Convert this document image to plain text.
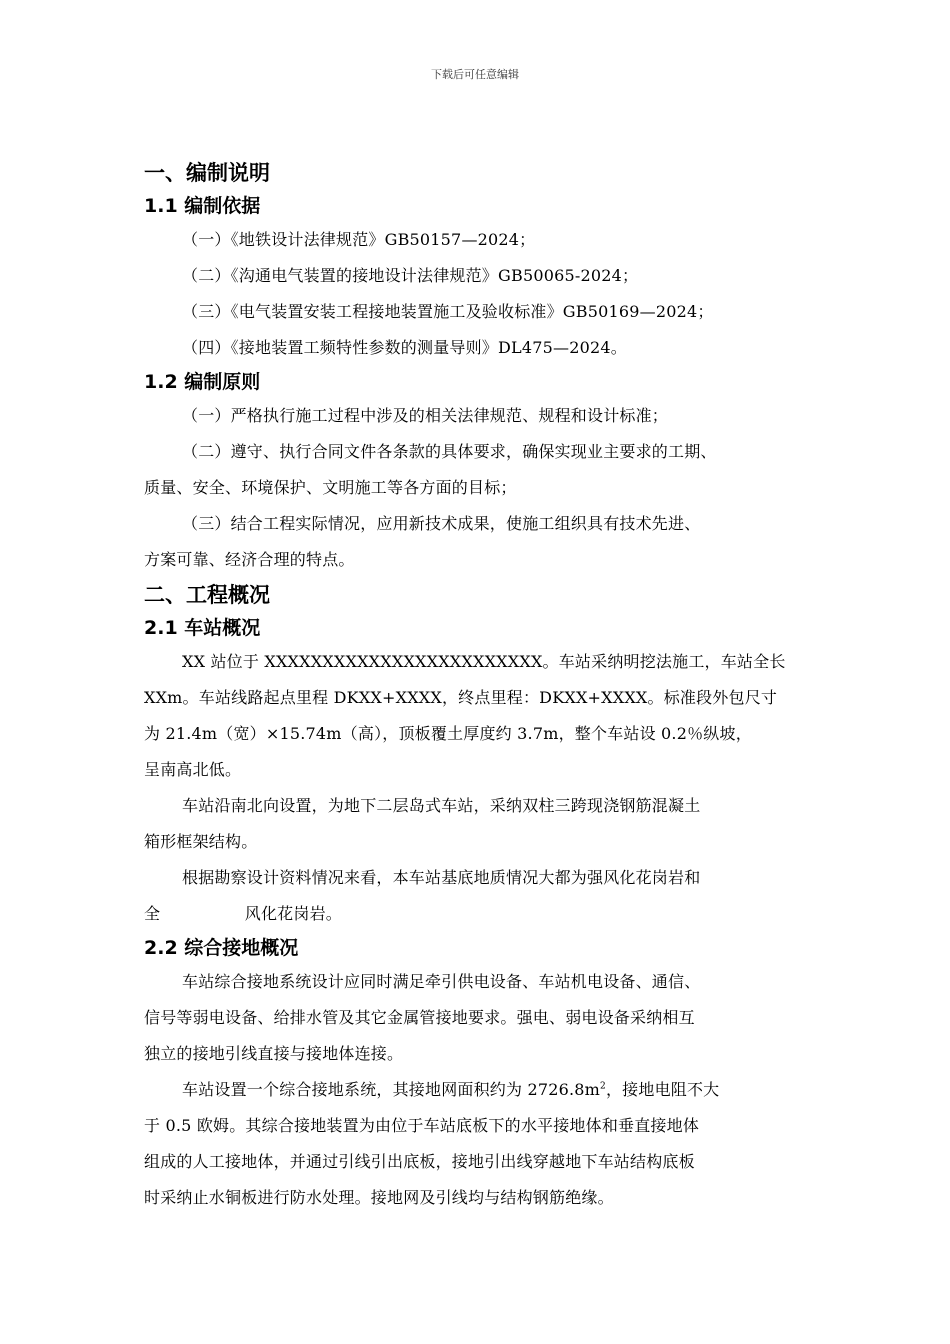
下载后可任意编辑
一、编制说明
1.1 编制依据
（一）《地铁设计法律规范》GB50157—2024；
（二）《沟通电气装置的接地设计法律规范》GB50065-2024；
（三）《电气装置安装工程接地装置施工及验收标准》GB50169—2024；
（四）《接地装置工频特性参数的测量导则》DL475—2024。
1.2 编制原则
（一）严格执行施工过程中涉及的相关法律规范、规程和设计标准；
（二）遵守、执行合同文件各条款的具体要求，确保实现业主要求的工期、
质量、安全、环境保护、文明施工等各方面的目标；
（三）结合工程实际情况，应用新技术成果，使施工组织具有技术先进、
方案可靠、经济合理的特点。
二、工程概况
2.1 车站概况
XX 站位于 XXXXXXXXXXXXXXXXXXXXXXXX。车站采纳明挖法施工，车站全长
XXm。车站线路起点里程 DKXX+XXXX，终点里程：DKXX+XXXX。标准段外包尺寸
为 21.4m（宽）×15.74m（高），顶板覆土厚度约 3.7m，整个车站设 0.2％纵坡，
呈南高北低。
车站沿南北向设置，为地下二层岛式车站，采纳双柱三跨现浇钢筋混凝土
箱形框架结构。
根据勘察设计资料情况来看，本车站基底地质情况大都为强风化花岗岩和
全                风化花岗岩。
2.2 综合接地概况
车站综合接地系统设计应同时满足牵引供电设备、车站机电设备、通信、
信号等弱电设备、给排水管及其它金属管接地要求。强电、弱电设备采纳相互
独立的接地引线直接与接地体连接。
车站设置一个综合接地系统，其接地网面积约为 $2726.8m^2$，接地电阻不大
于 0.5 欧姆。其综合接地装置为由位于车站底板下的水平接地体和垂直接地体
组成的人工接地体，并通过引线引出底板，接地引出线穿越地下车站结构底板
时采纳止水铜板进行防水处理。接地网及引线均与结构钢筋绝缘。
